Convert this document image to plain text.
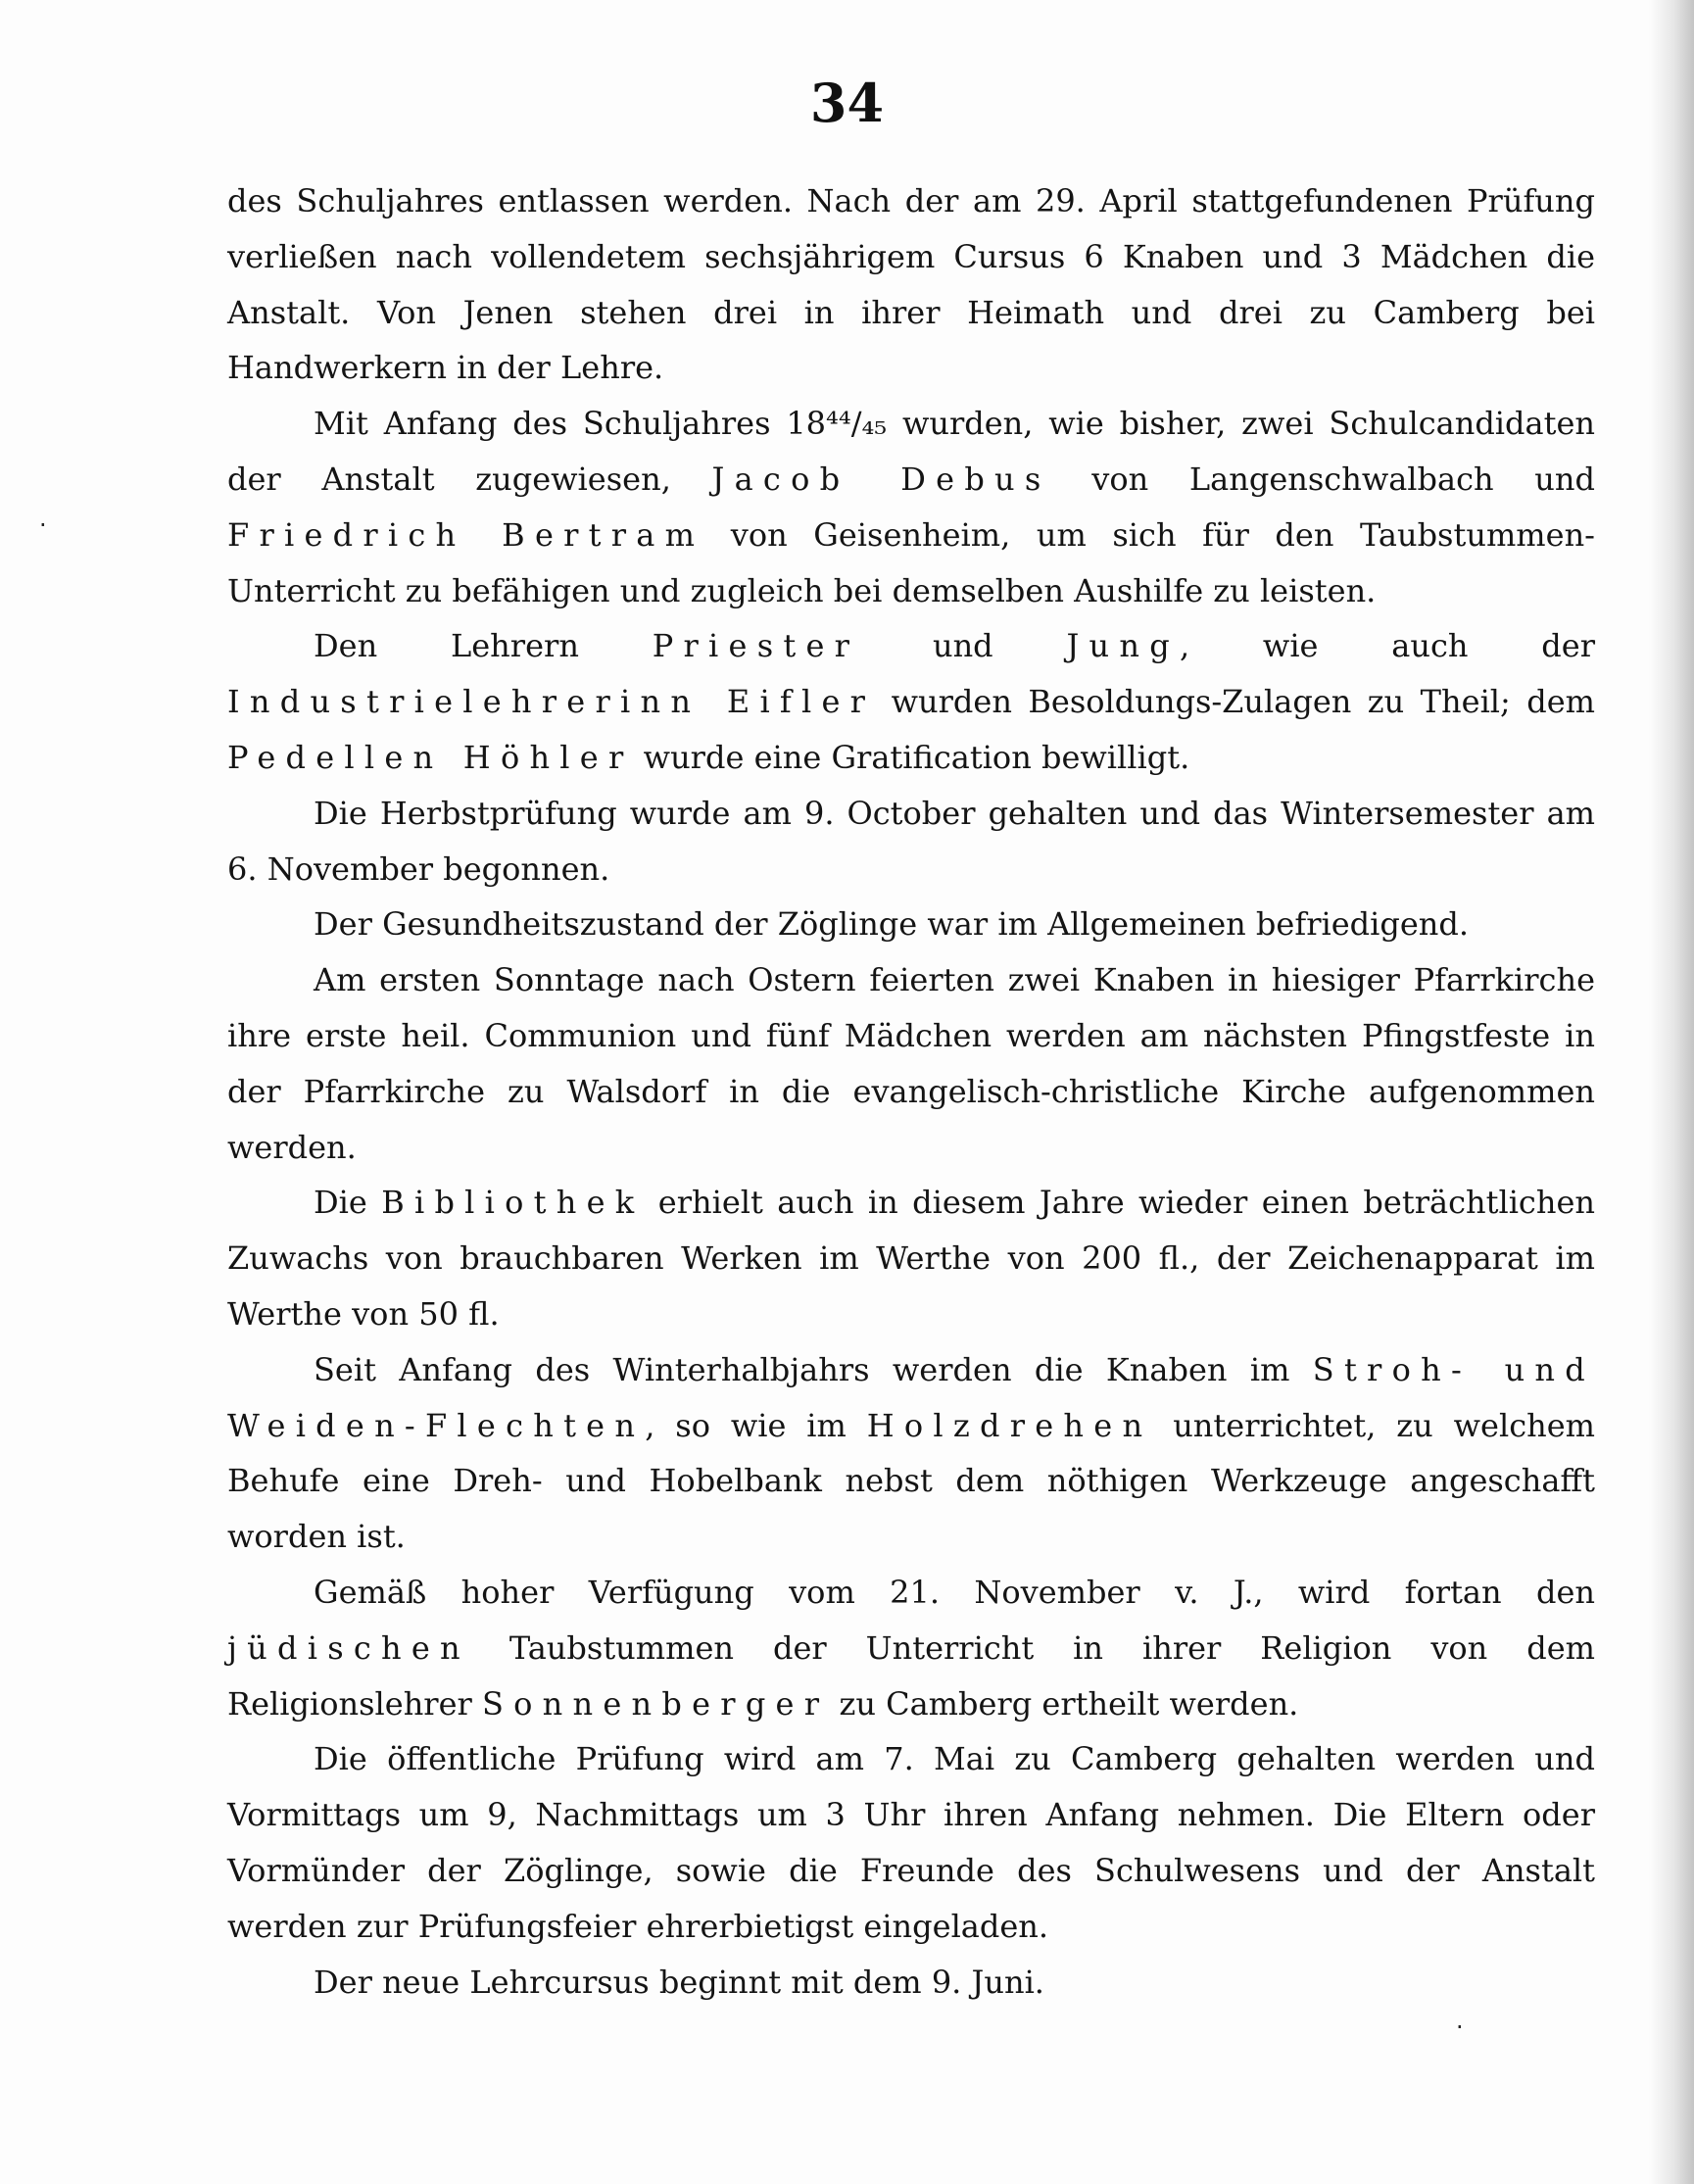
34

des Schuljahres entlassen werden. Nach der am 29. April stattgefundenen Prüfung verließen nach vollendetem sechsjährigem Cursus 6 Knaben und 3 Mädchen die Anstalt. Von Jenen stehen drei in ihrer Heimath und drei zu Camberg bei Handwerkern in der Lehre.

Mit Anfang des Schuljahres 18⁴⁴/₄₅ wurden, wie bisher, zwei Schulcandidaten der Anstalt zugewiesen, Jacob Debus von Langenschwalbach und Friedrich Bertram von Geisenheim, um sich für den Taubstummen-Unterricht zu befähigen und zugleich bei demselben Aushilfe zu leisten.

Den Lehrern Priester und Jung, wie auch der Industrielehrerinn Eifler wurden Besoldungs-Zulagen zu Theil; dem Pedellen Höhler wurde eine Gratification bewilligt.

Die Herbstprüfung wurde am 9. October gehalten und das Wintersemester am 6. November begonnen.

Der Gesundheitszustand der Zöglinge war im Allgemeinen befriedigend.

Am ersten Sonntage nach Ostern feierten zwei Knaben in hiesiger Pfarrkirche ihre erste heil. Communion und fünf Mädchen werden am nächsten Pfingstfeste in der Pfarrkirche zu Walsdorf in die evangelisch-christliche Kirche aufgenommen werden.

Die Bibliothek erhielt auch in diesem Jahre wieder einen beträchtlichen Zuwachs von brauchbaren Werken im Werthe von 200 fl., der Zeichenapparat im Werthe von 50 fl.

Seit Anfang des Winterhalbjahrs werden die Knaben im Stroh- und Weiden-Flechten, so wie im Holzdrehen unterrichtet, zu welchem Behufe eine Dreh- und Hobelbank nebst dem nöthigen Werkzeuge angeschafft worden ist.

Gemäß hoher Verfügung vom 21. November v. J., wird fortan den jüdischen Taubstummen der Unterricht in ihrer Religion von dem Religionslehrer Sonnenberger zu Camberg ertheilt werden.

Die öffentliche Prüfung wird am 7. Mai zu Camberg gehalten werden und Vormittags um 9, Nachmittags um 3 Uhr ihren Anfang nehmen. Die Eltern oder Vormünder der Zöglinge, sowie die Freunde des Schulwesens und der Anstalt werden zur Prüfungsfeier ehrerbietigst eingeladen.

Der neue Lehrcursus beginnt mit dem 9. Juni.

·
·
